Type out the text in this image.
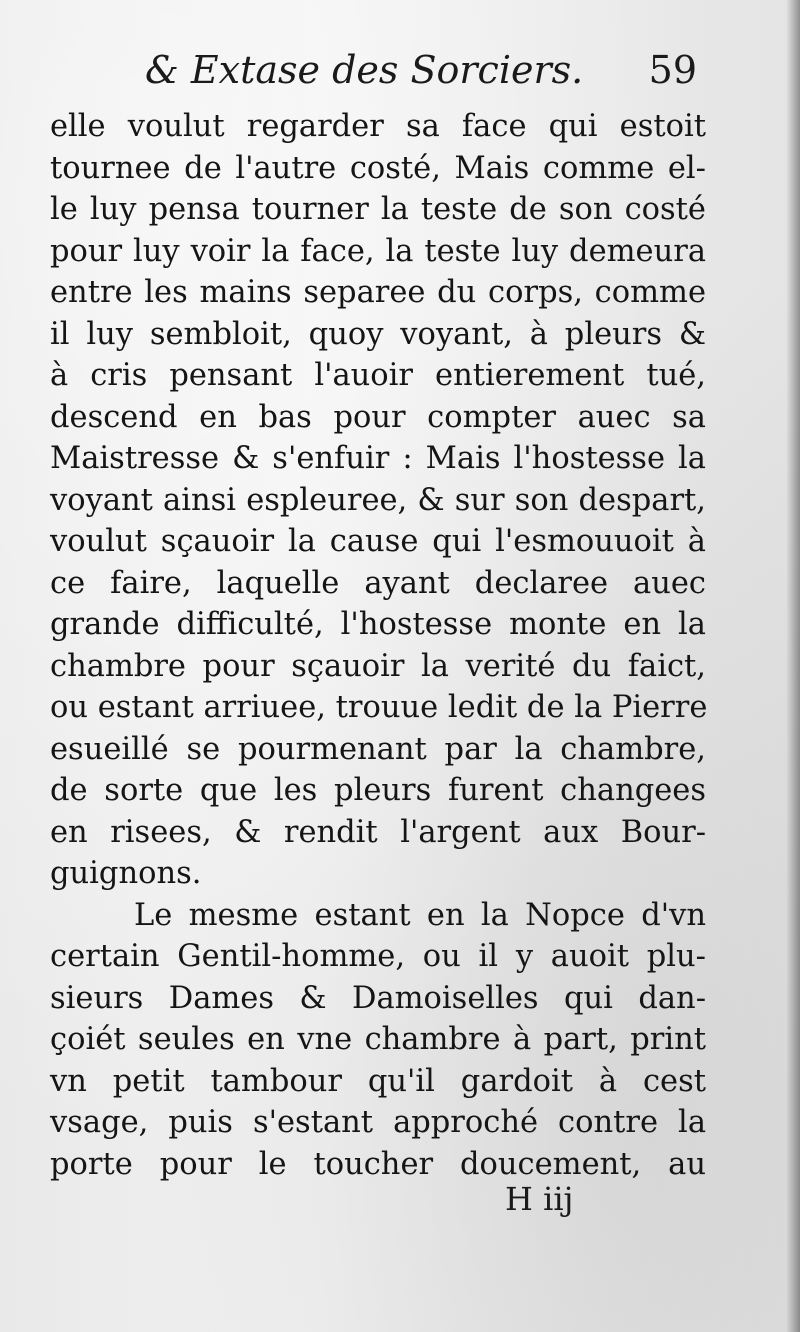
& Extase des Sorciers. 59
elle voulut regarder sa face qui estoit
tournee de l'autre costé, Mais comme el-
le luy pensa tourner la teste de son costé
pour luy voir la face, la teste luy demeura
entre les mains separee du corps, comme
il luy sembloit, quoy voyant, à pleurs &
à cris pensant l'auoir entierement tué,
descend en bas pour compter auec sa
Maistresse & s'enfuir : Mais l'hostesse la
voyant ainsi espleuree, & sur son despart,
voulut sçauoir la cause qui l'esmouuoit à
ce faire, laquelle ayant declaree auec
grande difficulté, l'hostesse monte en la
chambre pour sçauoir la verité du faict,
ou estant arriuee, trouue ledit de la Pierre
esueillé se pourmenant par la chambre,
de sorte que les pleurs furent changees
en risees, & rendit l'argent aux Bour-
guignons.
Le mesme estant en la Nopce d'vn
certain Gentil-homme, ou il y auoit plu-
sieurs Dames & Damoiselles qui dan-
çoiét seules en vne chambre à part, print
vn petit tambour qu'il gardoit à cest
vsage, puis s'estant approché contre la
porte pour le toucher doucement, au
H iij
